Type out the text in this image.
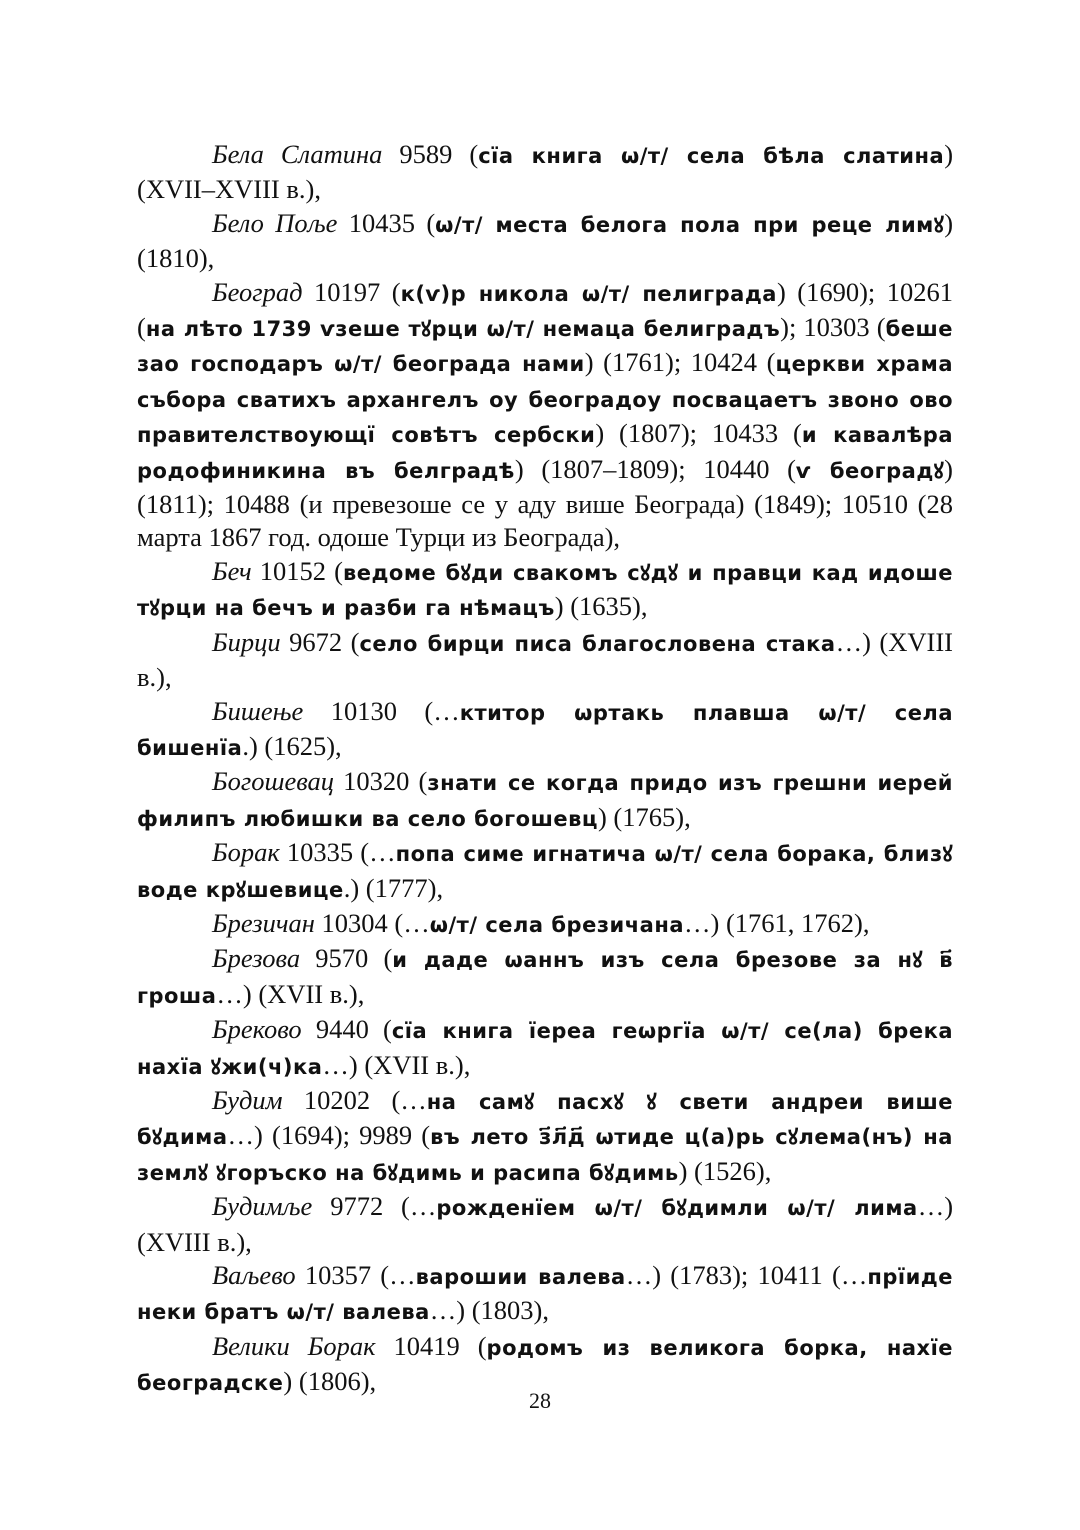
Бела Слатина 9589 (сїа книга ѡ/т/ села бѣла слатина) (XVII–XVIII в.),

Бело Поље 10435 (ѡ/т/ места белога пола при реце лимꙋ) (1810),

Београд 10197 (к(ѵ)р никола ѡ/т/ пелиграда) (1690); 10261 (на лѣто 1739 ѵзеше тꙋрци ѡ/т/ немаца белиградъ); 10303 (беше зао господаръ ѡ/т/ београда нами) (1761); 10424 (церкви храма събора сватихъ архангелъ оу београдоу посвацаетъ звоно ово правителствоующї совѣтъ сербски) (1807); 10433 (и кавалѣра родофиникина въ белградѣ) (1807–1809); 10440 (ѵ београдꙋ) (1811); 10488 (и превезоше се у аду више Београда) (1849); 10510 (28 марта 1867 год. одоше Турци из Београда),

Беч 10152 (ведоме бꙋди свакомъ сꙋдꙋ и правци кад идоше тꙋрци на бечъ и разби га нѣмацъ) (1635),

Бирци 9672 (село бирци писа благословена стака…) (XVIII в.),

Бишење 10130 (…ктитор ѡртакь плавша ѡ/т/ села бишенїа.) (1625),

Богошевац 10320 (знати се когда придо изъ грешни иерей филипъ любишки ва село богошевц) (1765),

Борак 10335 (…попа симе игнатича ѡ/т/ села борака, близꙋ воде крꙋшевице.) (1777),

Брезичан 10304 (…ѡ/т/ села брезичана…) (1761, 1762),

Брезова 9570 (и даде ѡаннъ изъ села брезове за нꙋ в҃ гроша…) (XVII в.),

Бреково 9440 (сїа книга ïереа геѡргїа ѡ/т/ се(ла) брека нахїа ꙋжи(ч)ка…) (XVII в.),

Будим 10202 (…на самꙋ пасхꙋ ꙋ свети андреи више бꙋдима…) (1694); 9989 (въ лето з҃л҃д҃ ѡтиде ц(а)рь сꙋлема(нъ) на землꙋ ꙋгоръско на бꙋдимь и расипа бꙋдимь) (1526),

Будимље 9772 (…рожденїем ѡ/т/ бꙋдимли ѡ/т/ лима…) (XVIII в.),

Ваљево 10357 (…варошии валева…) (1783); 10411 (…прїиде неки братъ ѡ/т/ валева…) (1803),

Велики Борак 10419 (родомъ из великога борка, нахїе београдске) (1806),

28
